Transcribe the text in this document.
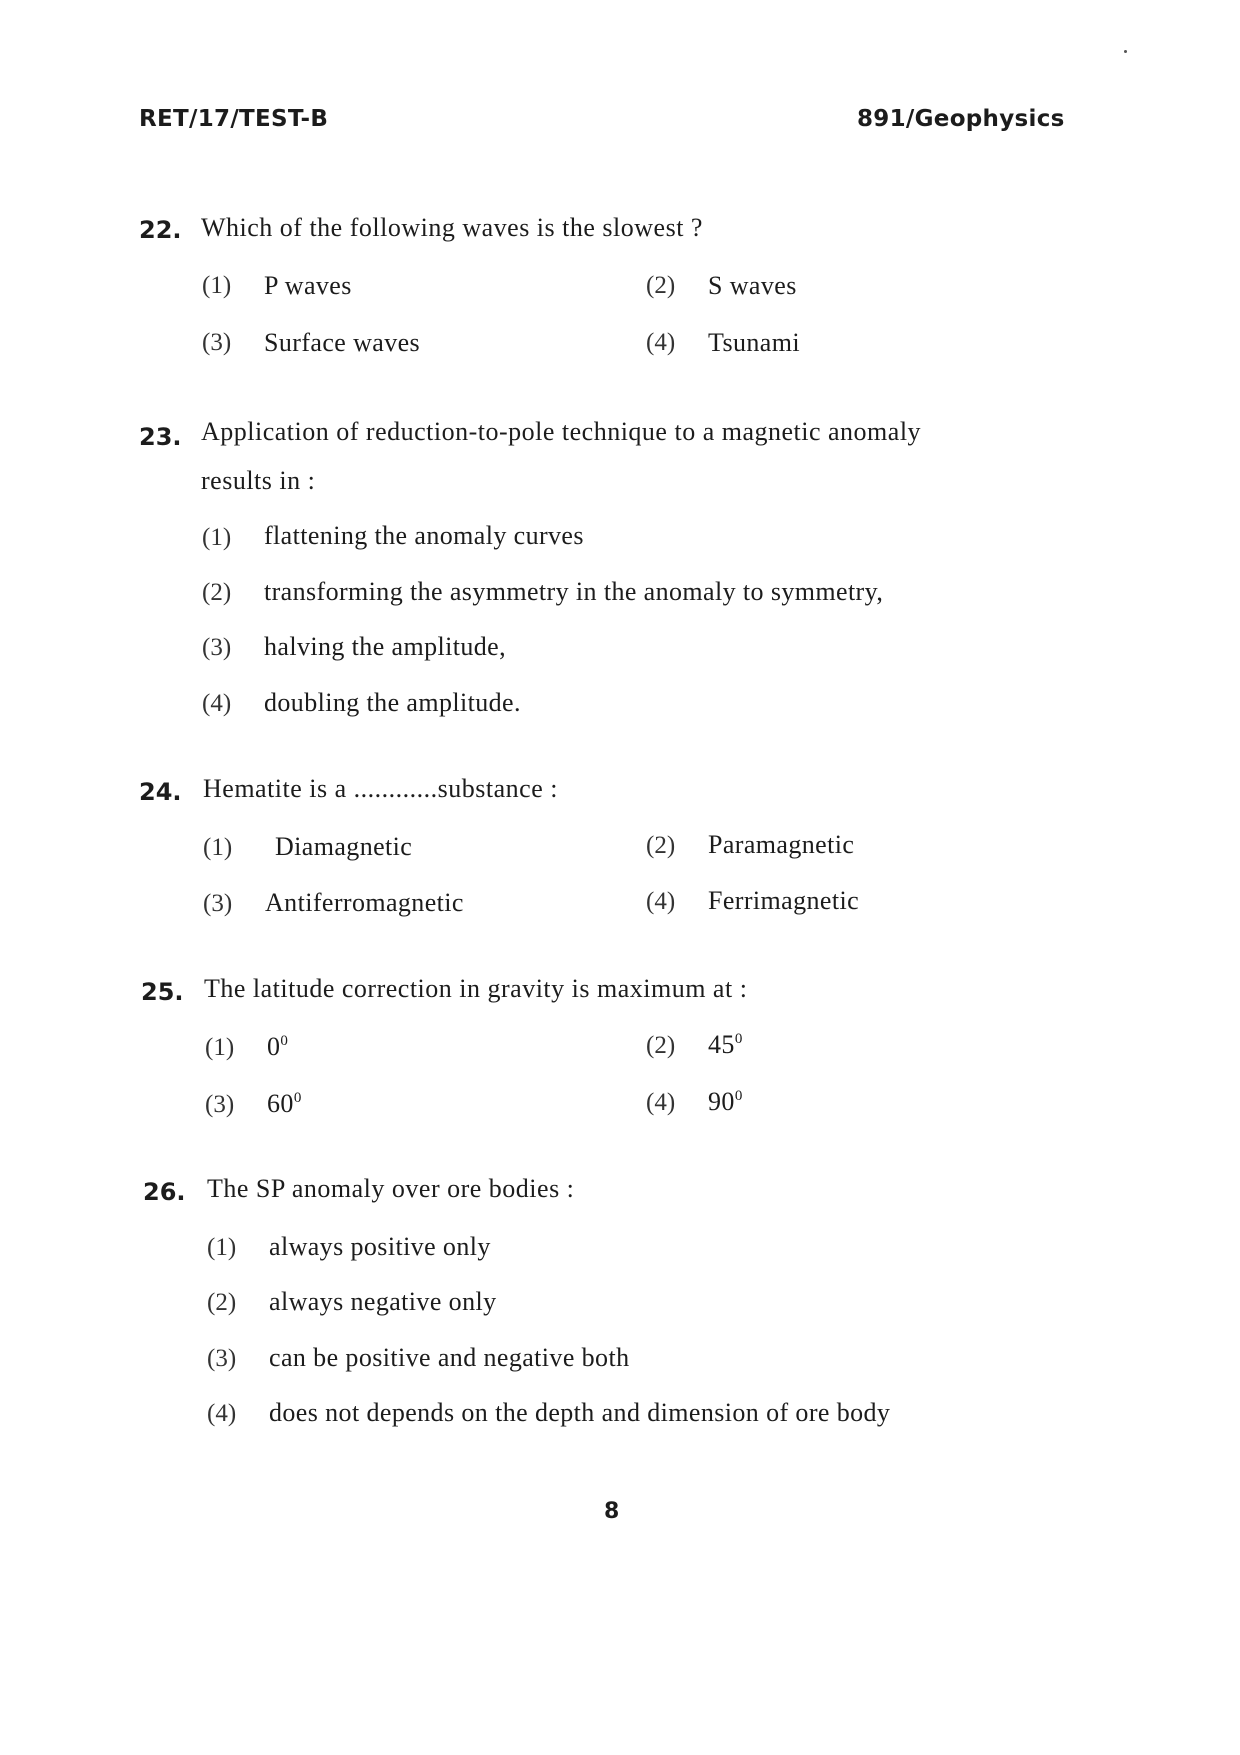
RET/17/TEST-B	891/Geophysics
22. Which of the following waves is the slowest ?
(1) P waves	(2) S waves
(3) Surface waves	(4) Tsunami
23. Application of reduction-to-pole technique to a magnetic anomaly
results in :
(1) flattening the anomaly curves
(2) transforming the asymmetry in the anomaly to symmetry,
(3) halving the amplitude,
(4) doubling the amplitude.
24. Hematite is a ............substance :
(1) Diamagnetic	(2) Paramagnetic
(3) Antiferromagnetic	(4) Ferrimagnetic
25. The latitude correction in gravity is maximum at :
(1) $0^0$	(2) $45^0$
(3) $60^0$	(4) $90^0$
26. The SP anomaly over ore bodies :
(1) always positive only
(2) always negative only
(3) can be positive and negative both
(4) does not depends on the depth and dimension of ore body
8
